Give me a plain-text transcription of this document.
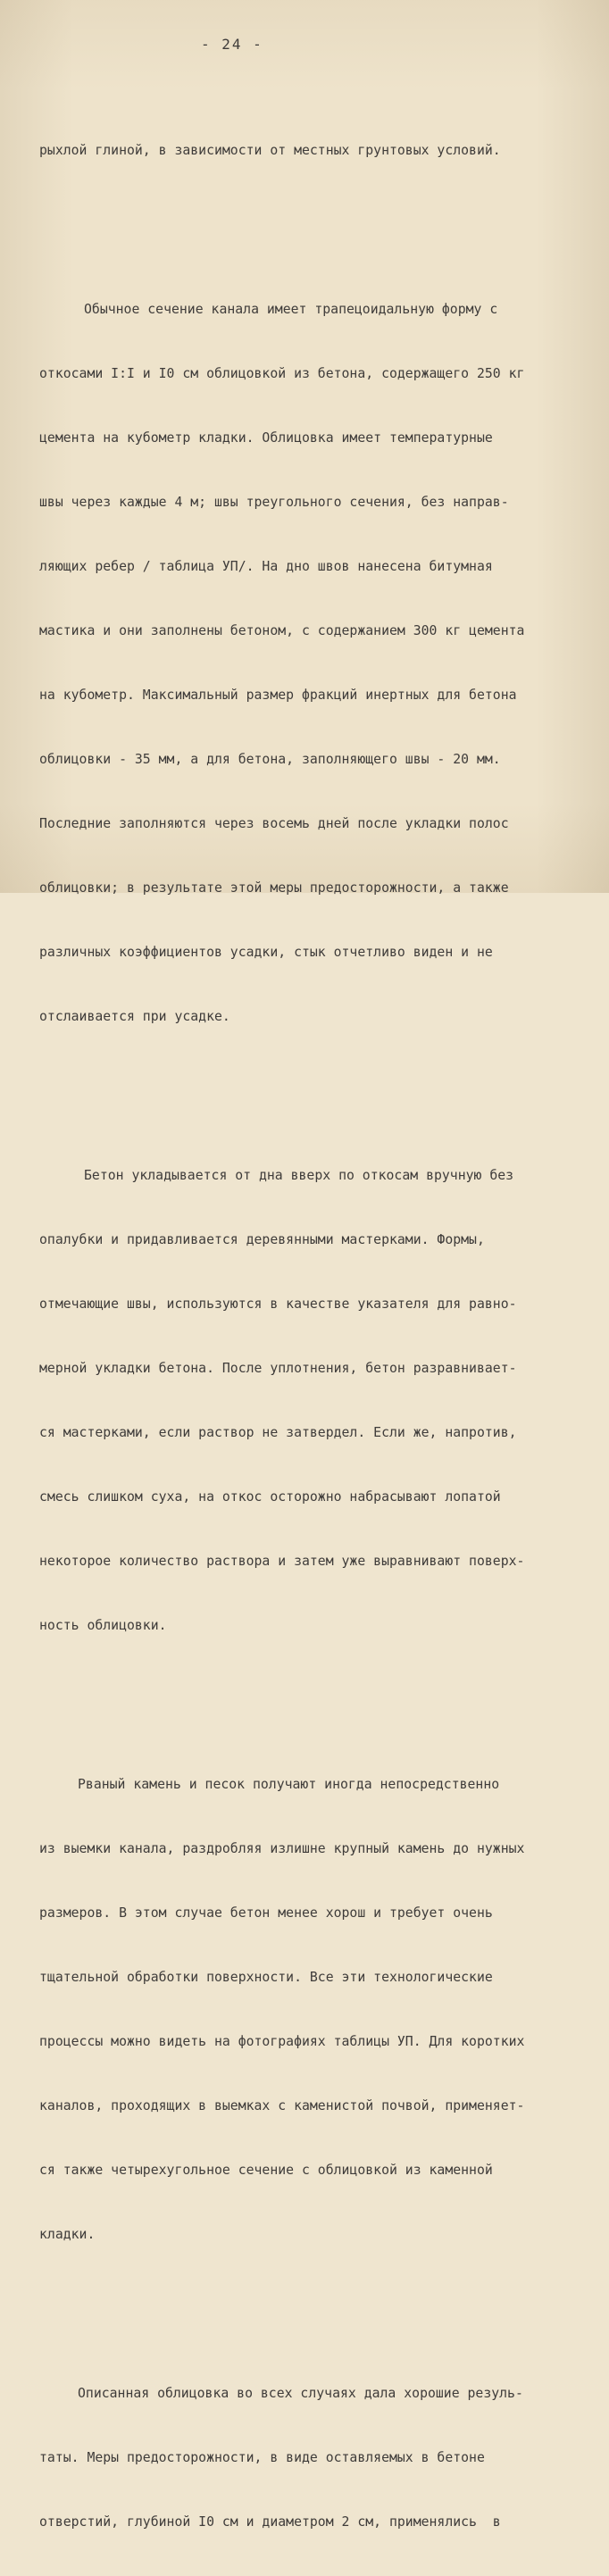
- 24 -

рыхлой глиной, в зависимости от местных грунтовых условий.

Обычное сечение канала имеет трапецоидальную форму с

откосами I:I и I0 см облицовкой из бетона, содержащего 250 кг

цемента на кубометр кладки. Облицовка имеет температурные

швы через каждые 4 м; швы треугольного сечения, без направ-

ляющих ребер / таблица УП/. На дно швов нанесена битумная

мастика и они заполнены бетоном, с содержанием 300 кг цемента

на кубометр. Максимальный размер фракций инертных для бетона

облицовки - 35 мм, а для бетона, заполняющего швы - 20 мм.

Последние заполняются через восемь дней после укладки полос

облицовки; в результате этой меры предосторожности, а также

различных коэффициентов усадки, стык отчетливо виден и не

отслаивается при усадке.

Бетон укладывается от дна вверх по откосам вручную без

опалубки и придавливается деревянными мастерками. Формы,

отмечающие швы, используются в качестве указателя для равно-

мерной укладки бетона. После уплотнения, бетон разравнивает-

ся мастерками, если раствор не затвердел. Если же, напротив,

смесь слишком суха, на откос осторожно набрасывают лопатой

некоторое количество раствора и затем уже выравнивают поверх-

ность облицовки.

Рваный камень и песок получают иногда непосредственно

из выемки канала, раздробляя излишне крупный камень до нужных

размеров. В этом случае бетон менее хорош и требует очень

тщательной обработки поверхности. Все эти технологические

процессы можно видеть на фотографиях таблицы УП. Для коротких

каналов, проходящих в выемках с каменистой почвой, применяет-

ся также четырехугольное сечение с облицовкой из каменной

кладки.

Описанная облицовка во всех случаях дала хорошие резуль-

таты. Меры предосторожности, в виде оставляемых в бетоне

отверстий, глубиной I0 см и диаметром 2 см, применялись  в
